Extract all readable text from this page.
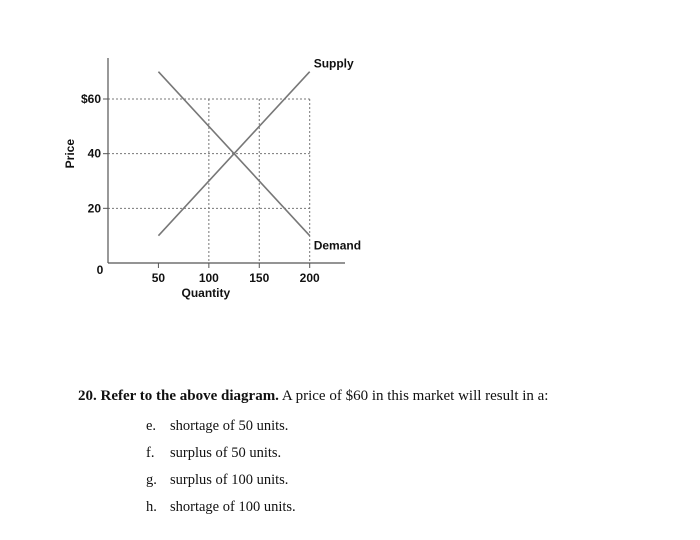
20
40
$60
50	100	150	200
0
Quantity
Price
Supply
Demand
20. Refer to the above diagram. A price of $60 in this market will result in a:
e. shortage of 50 units.
f.	surplus of 50 units.
g. surplus of 100 units.
h. shortage of 100 units.
